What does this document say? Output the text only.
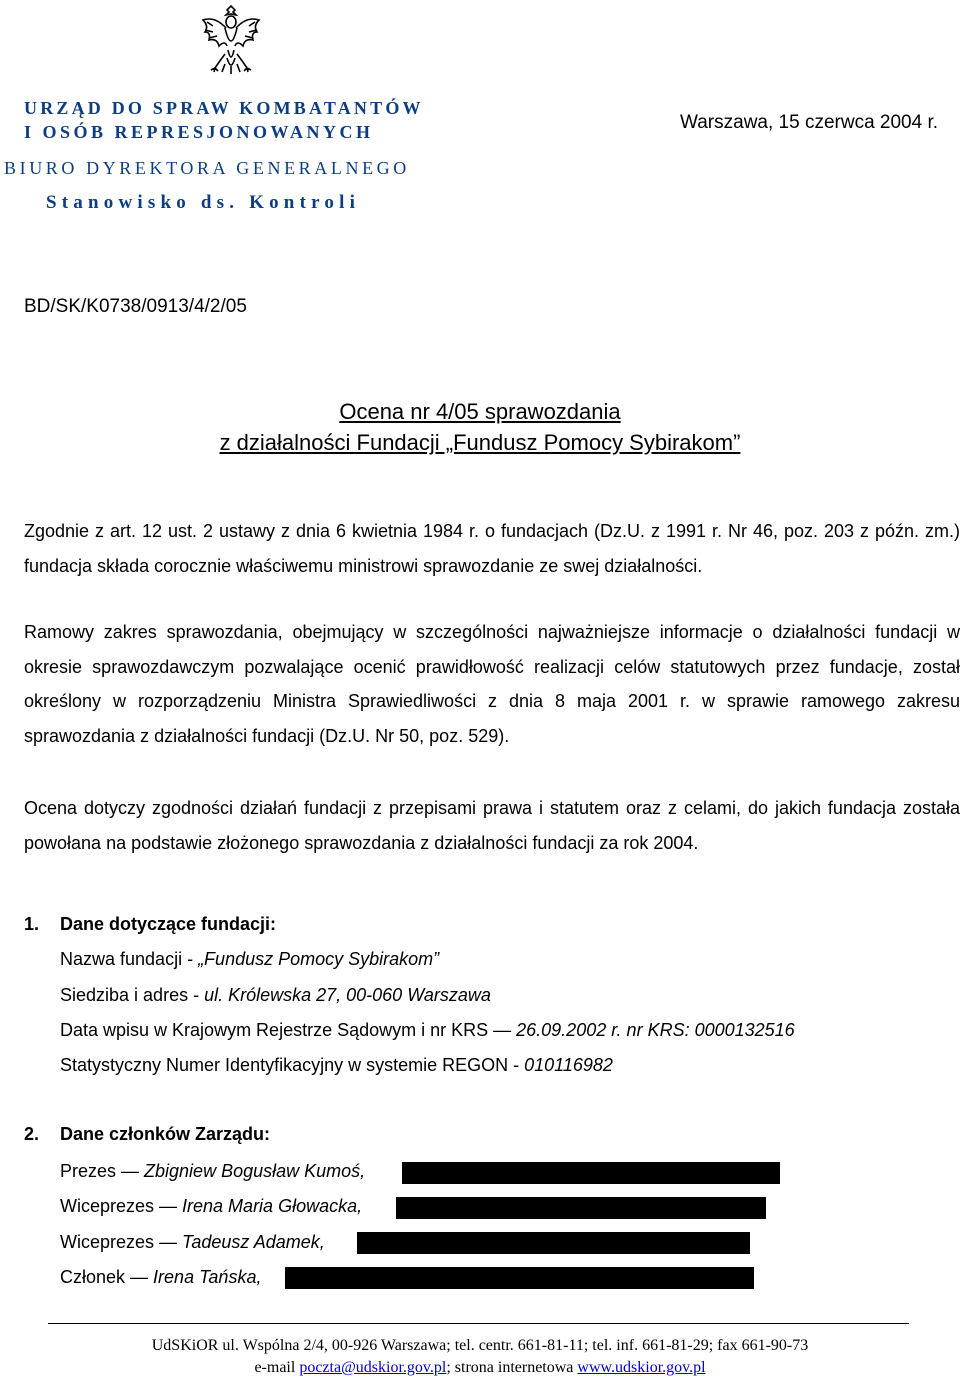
URZĄD DO SPRAW KOMBATANTÓW
I OSÓB REPRESJONOWANYCH
BIURO DYREKTORA GENERALNEGO
Stanowisko ds. Kontroli
Warszawa, 15 czerwca 2004 r.
BD/SK/K0738/0913/4/2/05
Ocena nr 4/05 sprawozdania
z działalności Fundacji „Fundusz Pomocy Sybirakom”
Zgodnie z art. 12 ust. 2 ustawy z dnia 6 kwietnia 1984 r. o fundacjach (Dz.U. z 1991 r. Nr 46, poz. 203 z późn. zm.) fundacja składa corocznie właściwemu ministrowi sprawozdanie ze swej działalności.
Ramowy zakres sprawozdania, obejmujący w szczególności najważniejsze informacje o działalności fundacji w okresie sprawozdawczym pozwalające ocenić prawidłowość realizacji celów statutowych przez fundacje, został określony w rozporządzeniu Ministra Sprawiedliwości z dnia 8 maja 2001 r. w sprawie ramowego zakresu sprawozdania z działalności fundacji (Dz.U. Nr 50, poz. 529).
Ocena dotyczy zgodności działań fundacji z przepisami prawa i statutem oraz z celami, do jakich fundacja została powołana na podstawie złożonego sprawozdania z działalności fundacji za rok 2004.
1. Dane dotyczące fundacji:
Nazwa fundacji - „Fundusz Pomocy Sybirakom”
Siedziba i adres - ul. Królewska 27, 00-060 Warszawa
Data wpisu w Krajowym Rejestrze Sądowym i nr KRS — 26.09.2002 r. nr KRS: 0000132516
Statystyczny Numer Identyfikacyjny w systemie REGON - 010116982
2. Dane członków Zarządu:
Prezes — Zbigniew Bogusław Kumoś,
Wiceprezes — Irena Maria Głowacka,
Wiceprezes — Tadeusz Adamek,
Członek — Irena Tańska,
UdSKiOR ul. Wspólna 2/4, 00-926 Warszawa; tel. centr. 661-81-11; tel. inf. 661-81-29; fax 661-90-73
e-mail poczta@udskior.gov.pl; strona internetowa www.udskior.gov.pl
